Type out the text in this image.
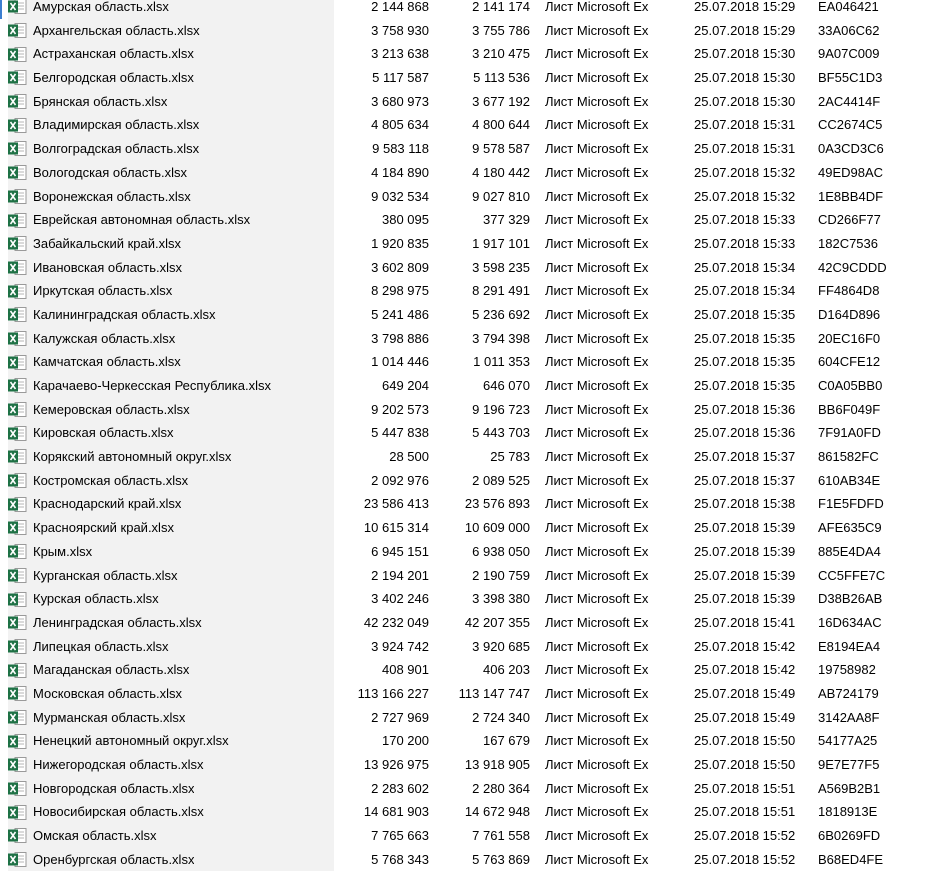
Амурская область.xlsx	2 144 868	2 141 174 Лист Microsoft Ex	25.07.2018 15:29	EA046421
Архангельская область.xlsx	3 758 930	3 755 786 Лист Microsoft Ex	25.07.2018 15:29	33A06C62
Астраханская область.xlsx	3 213 638	3 210 475 Лист Microsoft Ex	25.07.2018 15:30	9A07C009
Белгородская область.xlsx	5 117 587	5 113 536 Лист Microsoft Ex	25.07.2018 15:30	BF55C1D3
Брянская область.xlsx	3 680 973	3 677 192 Лист Microsoft Ex	25.07.2018 15:30	2AC4414F
Владимирская область.xlsx	4 805 634	4 800 644 Лист Microsoft Ex	25.07.2018 15:31	CC2674C5
Волгоградская область.xlsx	9 583 118	9 578 587 Лист Microsoft Ex	25.07.2018 15:31	0A3CD3C6
Вологодская область.xlsx	4 184 890	4 180 442 Лист Microsoft Ex	25.07.2018 15:32	49ED98AC
Воронежская область.xlsx	9 032 534	9 027 810 Лист Microsoft Ex	25.07.2018 15:32	1E8BB4DF
Еврейская автономная область.xlsx	380 095	377 329 Лист Microsoft Ex	25.07.2018 15:33	CD266F77
Забайкальский край.xlsx	1 920 835	1 917 101 Лист Microsoft Ex	25.07.2018 15:33	182C7536
Ивановская область.xlsx	3 602 809	3 598 235 Лист Microsoft Ex	25.07.2018 15:34	42C9CDDD
Иркутская область.xlsx	8 298 975	8 291 491 Лист Microsoft Ex	25.07.2018 15:34	FF4864D8
Калининградская область.xlsx	5 241 486	5 236 692 Лист Microsoft Ex	25.07.2018 15:35	D164D896
Калужская область.xlsx	3 798 886	3 794 398 Лист Microsoft Ex	25.07.2018 15:35	20EC16F0
Камчатская область.xlsx	1 014 446	1 011 353 Лист Microsoft Ex	25.07.2018 15:35	604CFE12
Карачаево-Черкесская Республика.xlsx	649 204	646 070 Лист Microsoft Ex	25.07.2018 15:35	C0A05BB0
Кемеровская область.xlsx	9 202 573	9 196 723 Лист Microsoft Ex	25.07.2018 15:36	BB6F049F
Кировская область.xlsx	5 447 838	5 443 703 Лист Microsoft Ex	25.07.2018 15:36	7F91A0FD
Корякский автономный округ.xlsx	28 500	25 783 Лист Microsoft Ex	25.07.2018 15:37	861582FC
Костромская область.xlsx	2 092 976	2 089 525 Лист Microsoft Ex	25.07.2018 15:37	610AB34E
Краснодарский край.xlsx	23 586 413	23 576 893 Лист Microsoft Ex	25.07.2018 15:38	F1E5FDFD
Красноярский край.xlsx	10 615 314	10 609 000 Лист Microsoft Ex	25.07.2018 15:39	AFE635C9
Крым.xlsx	6 945 151	6 938 050 Лист Microsoft Ex	25.07.2018 15:39	885E4DA4
Курганская область.xlsx	2 194 201	2 190 759 Лист Microsoft Ex	25.07.2018 15:39	CC5FFE7C
Курская область.xlsx	3 402 246	3 398 380 Лист Microsoft Ex	25.07.2018 15:39	D38B26AB
Ленинградская область.xlsx	42 232 049	42 207 355 Лист Microsoft Ex	25.07.2018 15:41	16D634AC
Липецкая область.xlsx	3 924 742	3 920 685 Лист Microsoft Ex	25.07.2018 15:42	E8194EA4
Магаданская область.xlsx	408 901	406 203 Лист Microsoft Ex	25.07.2018 15:42	19758982
Московская область.xlsx	113 166 227	113 147 747 Лист Microsoft Ex	25.07.2018 15:49	AB724179
Мурманская область.xlsx	2 727 969	2 724 340 Лист Microsoft Ex	25.07.2018 15:49	3142AA8F
Ненецкий автономный округ.xlsx	170 200	167 679 Лист Microsoft Ex	25.07.2018 15:50	54177A25
Нижегородская область.xlsx	13 926 975	13 918 905 Лист Microsoft Ex	25.07.2018 15:50	9E7E77F5
Новгородская область.xlsx	2 283 602	2 280 364 Лист Microsoft Ex	25.07.2018 15:51	A569B2B1
Новосибирская область.xlsx	14 681 903	14 672 948 Лист Microsoft Ex	25.07.2018 15:51	1818913E
Омская область.xlsx	7 765 663	7 761 558 Лист Microsoft Ex	25.07.2018 15:52	6B0269FD
Оренбургская область.xlsx	5 768 343	5 763 869 Лист Microsoft Ex	25.07.2018 15:52	B68ED4FE
